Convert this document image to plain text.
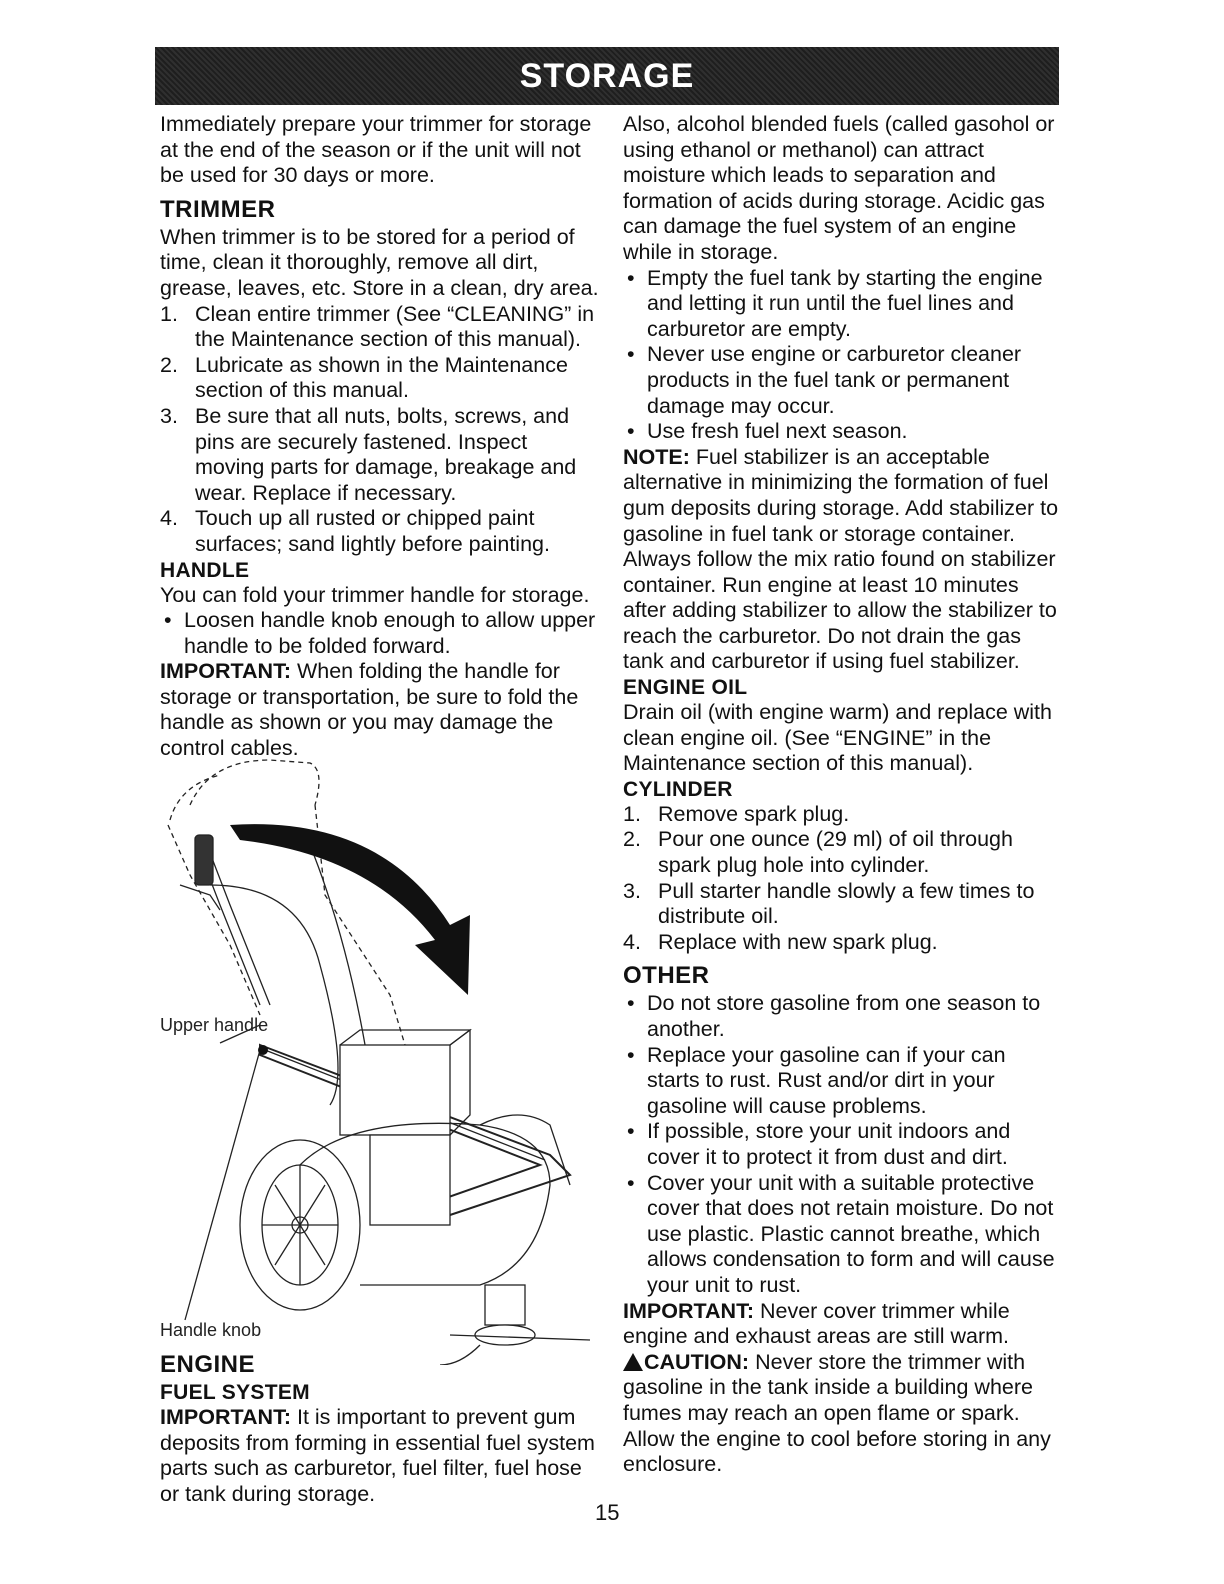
STORAGE

Immediately prepare your trimmer for storage at the end of the season or if the unit will not be used for 30 days or more.

TRIMMER

When trimmer is to be stored for a period of time, clean it thoroughly, remove all dirt, grease, leaves, etc. Store in a clean, dry area.

1. Clean entire trimmer (See “CLEANING” in the Maintenance section of this manual).
2. Lubricate as shown in the Maintenance section of this manual.
3. Be sure that all nuts, bolts, screws, and pins are securely fastened. Inspect moving parts for damage, breakage and wear. Replace if necessary.
4. Touch up all rusted or chipped paint surfaces; sand lightly before painting.
HANDLE

You can fold your trimmer handle for storage.

• Loosen handle knob enough to allow upper handle to be folded forward.

IMPORTANT: When folding the handle for storage or transportation, be sure to fold the handle as shown or you may damage the control cables.

Upper handle
Handle knob
ENGINE
FUEL SYSTEM

IMPORTANT: It is important to prevent gum deposits from forming in essential fuel system parts such as carburetor, fuel filter, fuel hose or tank during storage.

Also, alcohol blended fuels (called gasohol or using ethanol or methanol) can attract moisture which leads to separation and formation of acids during storage. Acidic gas can damage the fuel system of an engine while in storage.

• Empty the fuel tank by starting the engine and letting it run until the fuel lines and carburetor are empty.
• Never use engine or carburetor cleaner products in the fuel tank or permanent damage may occur.
• Use fresh fuel next season.

NOTE: Fuel stabilizer is an acceptable alternative in minimizing the formation of fuel gum deposits during storage. Add stabilizer to gasoline in fuel tank or storage container. Always follow the mix ratio found on stabilizer container. Run engine at least 10 minutes after adding stabilizer to allow the stabilizer to reach the carburetor. Do not drain the gas tank and carburetor if using fuel stabilizer.

ENGINE OIL

Drain oil (with engine warm) and replace with clean engine oil. (See “ENGINE” in the Maintenance section of this manual).

CYLINDER
1. Remove spark plug.
2. Pour one ounce (29 ml) of oil through spark plug hole into cylinder.
3. Pull starter handle slowly a few times to distribute oil.
4. Replace with new spark plug.
OTHER
• Do not store gasoline from one season to another.
• Replace your gasoline can if your can starts to rust. Rust and/or dirt in your gasoline will cause problems.
• If possible, store your unit indoors and cover it to protect it from dust and dirt.
• Cover your unit with a suitable protective cover that does not retain moisture. Do not use plastic. Plastic cannot breathe, which allows condensation to form and will cause your unit to rust.

IMPORTANT: Never cover trimmer while engine and exhaust areas are still warm.

CAUTION: Never store the trimmer with gasoline in the tank inside a building where fumes may reach an open flame or spark. Allow the engine to cool before storing in any enclosure.

15
